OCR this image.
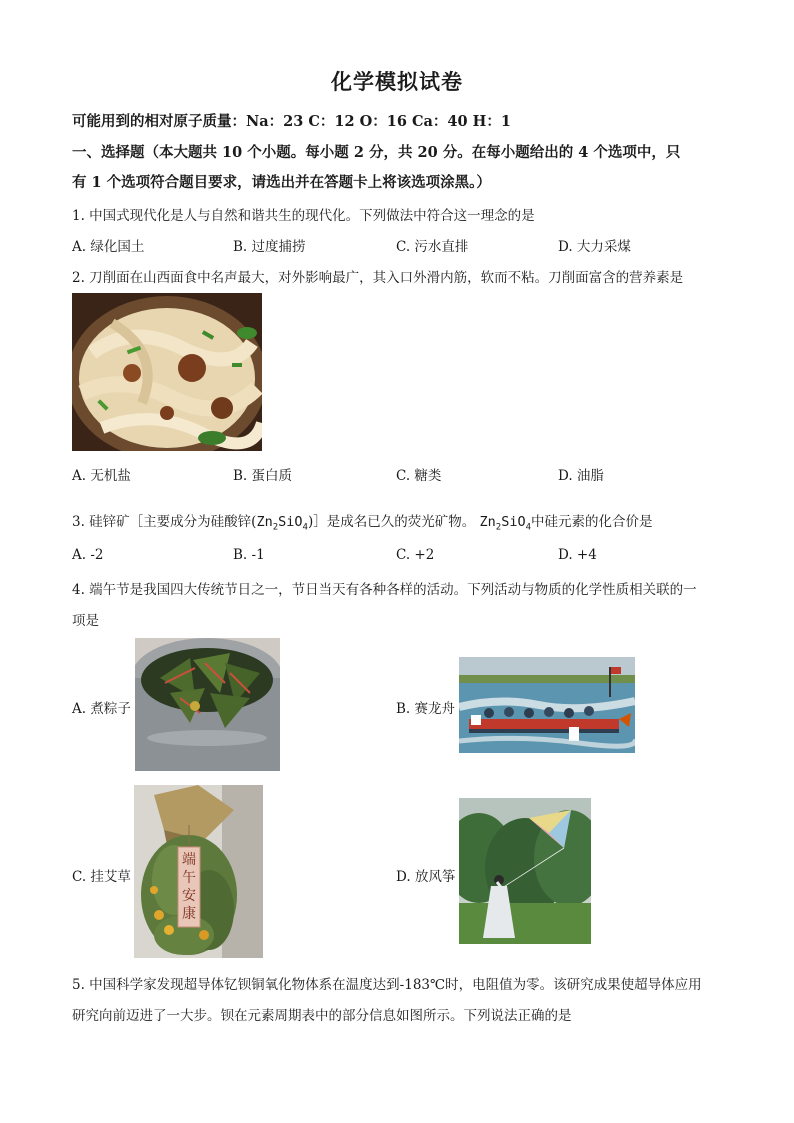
化学模拟试卷
可能用到的相对原子质量：Na：23 C：12 O：16 Ca：40 H：1
一、选择题（本大题共 10 个小题。每小题 2 分，共 20 分。在每小题给出的 4 个选项中，只
有 1 个选项符合题目要求，请选出并在答题卡上将该选项涂黑。）
1. 中国式现代化是人与自然和谐共生的现代化。下列做法中符合这一理念的是
A. 绿化国土	B. 过度捕捞	C. 污水直排	D. 大力采煤
2. 刀削面在山西面食中名声最大，对外影响最广，其入口外滑内筋，软而不粘。刀削面富含的营养素是
A. 无机盐	B. 蛋白质	C. 糖类	D. 油脂
3. 硅锌矿［主要成分为硅酸锌$(Zn_2SiO_4)]$是成名已久的荧光矿物。 $Zn_2SiO_4$中硅元素的化合价是
A. -2	B. -1	C. +2	D. +4
4. 端午节是我国四大传统节日之一，节日当天有各种各样的活动。下列活动与物质的化学性质相关联的一
项是
A. 煮粽子	B. 赛龙舟
C. 挂艾草
端午安康
D. 放风筝
5. 中国科学家发现超导体钇钡铜氧化物体系在温度达到-183℃时，电阻值为零。该研究成果使超导体应用
研究向前迈进了一大步。钡在元素周期表中的部分信息如图所示。下列说法正确的是
